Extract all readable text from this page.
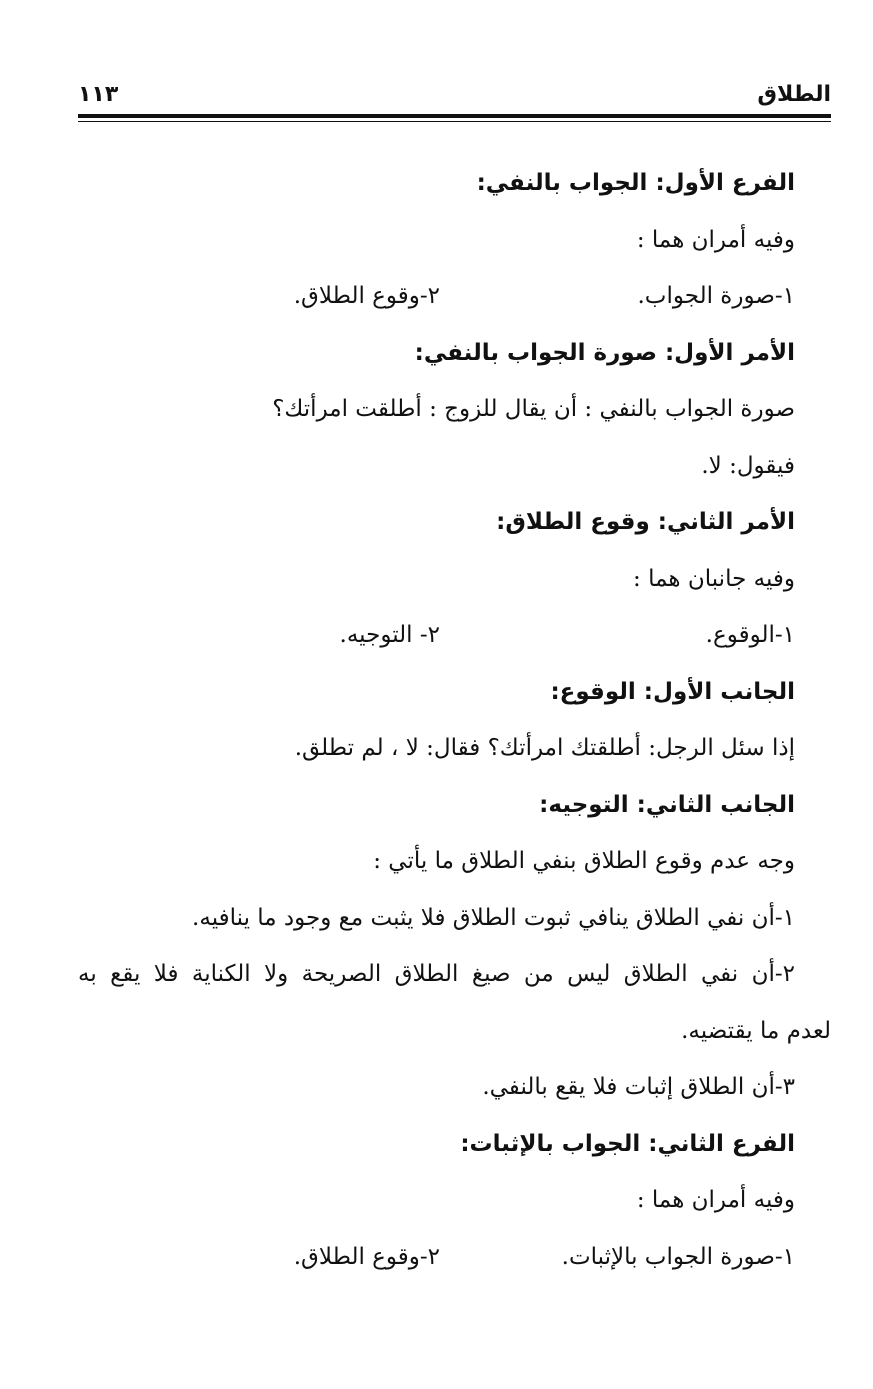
الطلاق
١١٣
الفرع الأول: الجواب بالنفي:
وفيه أمران هما :
١-صورة الجواب.
٢-وقوع الطلاق.
الأمر الأول: صورة الجواب بالنفي:
صورة الجواب بالنفي : أن يقال للزوج : أطلقت امرأتك؟
فيقول: لا.
الأمر الثاني: وقوع الطلاق:
وفيه جانبان هما :
١-الوقوع.
٢- التوجيه.
الجانب الأول: الوقوع:
إذا سئل الرجل: أطلقتك امرأتك؟ فقال: لا ، لم تطلق.
الجانب الثاني: التوجيه:
وجه عدم وقوع الطلاق بنفي الطلاق ما يأتي :
١-أن نفي الطلاق ينافي ثبوت الطلاق فلا يثبت مع وجود ما ينافيه.
٢-أن نفي الطلاق ليس من صيغ الطلاق الصريحة ولا الكناية فلا يقع به
لعدم ما يقتضيه.
٣-أن الطلاق إثبات فلا يقع بالنفي.
الفرع الثاني: الجواب بالإثبات:
وفيه أمران هما :
١-صورة الجواب بالإثبات.
٢-وقوع الطلاق.
